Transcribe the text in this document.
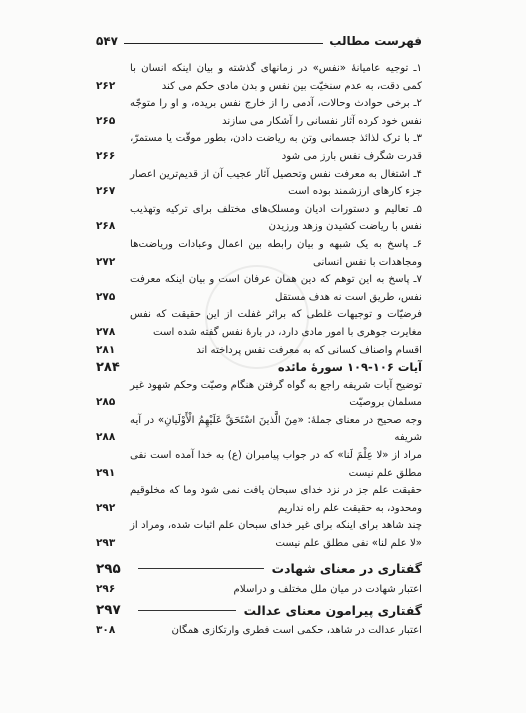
فهرست مطالب
۵۴۷
۱ـ توجیه عامیانۀ «نفس» در زمانهای گذشته و بیان اینکه انسان با کمی دقت، به عدم سنخیّت بین نفس و بدن مادی حکم می کند
۲۶۲
۲ـ برخی حوادث وحالات، آدمی را از خارج نفس بریده، و او را متوجّه نفس خود کرده آثار نفسانی را آشکار می سازند
۲۶۵
۳ـ با ترک لذائذ جسمانی وتن به ریاضت دادن، بطور موقّت یا مستمرّ، قدرت شگرف نفس بارز می شود
۲۶۶
۴ـ اشتغال به معرفت نفس وتحصیل آثار عجیب آن از قدیم‌ترین اعصار جزء کارهای ارزشمند بوده است
۲۶۷
۵ـ تعالیم و دستورات ادیان ومسلک‌های مختلف برای ترکیه وتهذیب نفس با ریاضت کشیدن وزهد ورزیدن
۲۶۸
۶ـ پاسخ به یک شبهه و بیان رابطه بین اعمال وعبادات وریاضت‌ها ومجاهدات با نفس انسانی
۲۷۲
۷ـ پاسخ به این توهم که دین همان عرفان است و بیان اینکه معرفت نفس، طریق است نه هدف مستقل
۲۷۵
فرضیّات و توجیهات غلطی که براثر غفلت از این حقیقت که نفس مغایرت جوهری با امور مادی دارد، در بارۀ نفس گفته شده است
۲۷۸
اقسام واصناف کسانی که به معرفت نفس پرداخته اند
۲۸۱
آیات ۱۰۶-۱۰۹ سورۀ مائده
۲۸۴
توضیح آیات شریفه راجع به گواه گرفتن هنگام وصیّت وحکم شهود غیر مسلمان بروصیّت
۲۸۵
وجه صحیح در معنای جملۀ: «مِنَ الَّذینَ اسْتَحَقَّ عَلَیْهِمُ الْأَوْلَیانِ» در آیه شریفه
۲۸۸
مراد از «لا عِلْمَ لَنا» که در جواب پیامبران (ع) به خدا آمده است نفی مطلق علم نیست
۲۹۱
حقیقت علم جز در نزد خدای سبحان یافت نمی شود وما که مخلوقیم ومحدود، به حقیقت علم راه نداریم
۲۹۲
چند شاهد برای اینکه برای غیر خدای سبحان علم اثبات شده، ومراد از «لا علم لنا» نفی مطلق علم نیست
۲۹۳
گفتاری در معنای شهادت
۲۹۵
اعتبار شهادت در میان ملل مختلف و دراسلام
۲۹۶
گفتاری پیرامون معنای عدالت
۲۹۷
اعتبار عدالت در شاهد، حکمی است فطری وارتکازی همگان
۳۰۸
